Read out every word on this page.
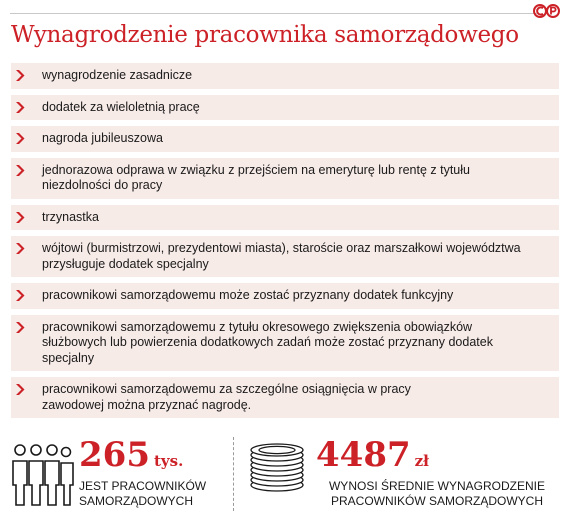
Wynagrodzenie pracownika samorządowego
wynagrodzenie zasadnicze
dodatek za wieloletnią pracę
nagroda jubileuszowa
jednorazowa odprawa w związku z przejściem na emeryturę lub rentę z tytułu niezdolności do pracy
trzynastka
wójtowi (burmistrzowi, prezydentowi miasta), staroście oraz marszałkowi województwa przysługuje dodatek specjalny
pracownikowi samorządowemu może zostać przyznany dodatek funkcyjny
pracownikowi samorządowemu z tytułu okresowego zwiększenia obowiązków służbowych lub powierzenia dodatkowych zadań może zostać przyznany dodatek specjalny
pracownikowi samorządowemu za szczególne osiągnięcia w pracy zawodowej można przyznać nagrodę.
265 tys.
JEST PRACOWNIKÓW
SAMORZĄDOWYCH
4487 zł
WYNOSI ŚREDNIE WYNAGRODZENIE
PRACOWNIKÓW SAMORZĄDOWYCH
